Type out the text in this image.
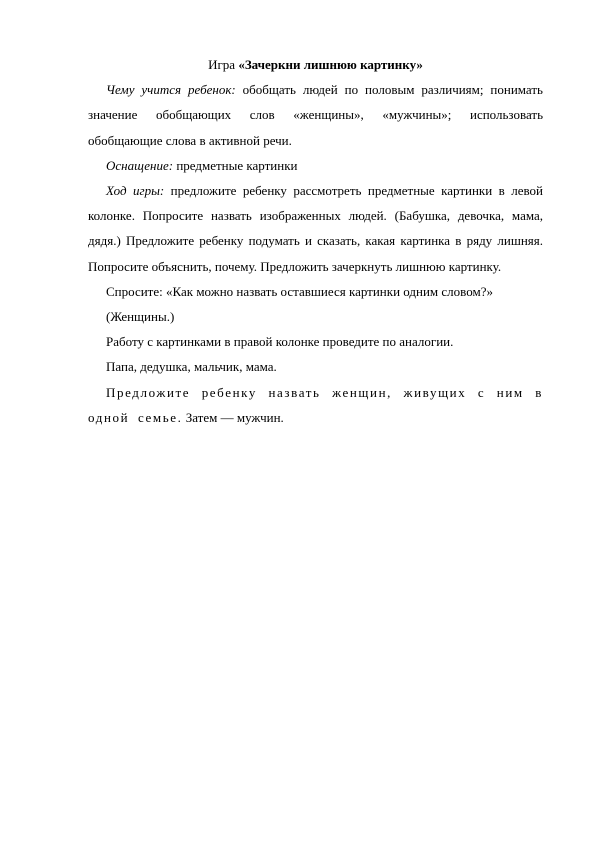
Игра «Зачеркни лишнюю картинку»

Чему учится ребенок: обобщать людей по половым различиям; понимать значение обобщающих слов «женщины», «мужчины»; использовать обобщающие слова в активной речи.

Оснащение: предметные картинки

Ход игры: предложите ребенку рассмотреть предметные картинки в левой колонке. Попросите назвать изображенных людей. (Бабушка, девочка, мама, дядя.) Предложите ребенку подумать и сказать, какая картинка в ряду лишняя. Попросите объяснить, почему. Предложить зачеркнуть лишнюю картинку.

Спросите: «Как можно назвать оставшиеся картинки одним словом?»

(Женщины.)

Работу с картинками в правой колонке проведите по аналогии.

Папа, дедушка, мальчик, мама.

Предложите ребенку назвать женщин, живущих с ним в одной семье. Затем — мужчин.
